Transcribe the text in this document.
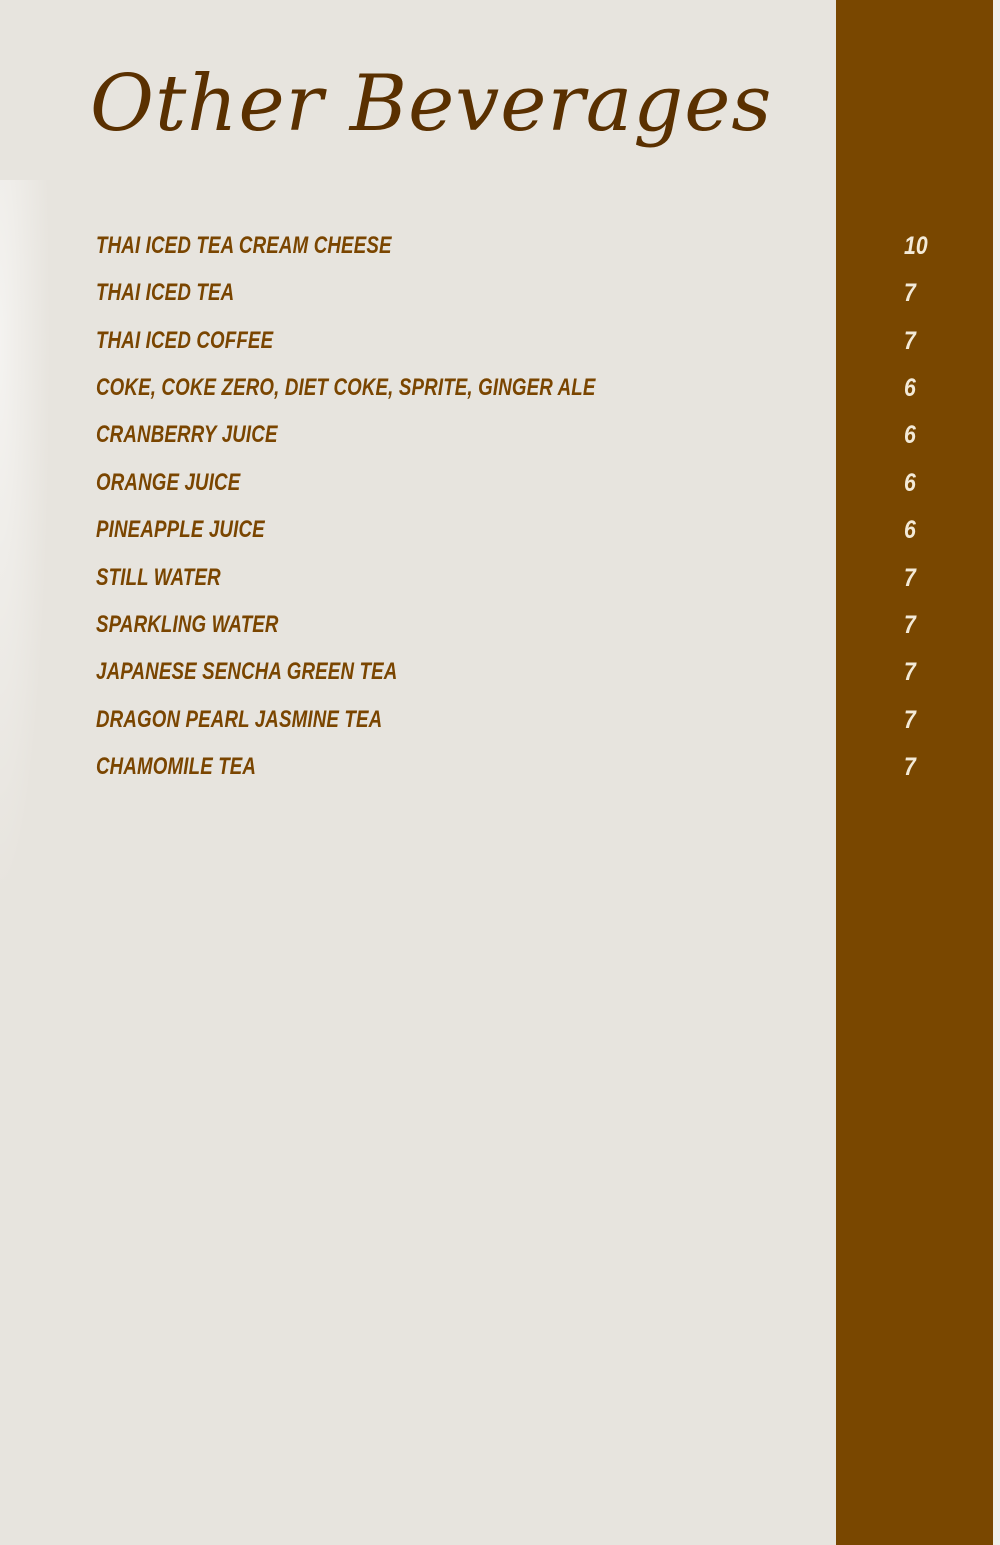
Other Beverages
THAI ICED TEA CREAM CHEESE	10
THAI ICED TEA	7
THAI ICED COFFEE	7
COKE, COKE ZERO, DIET COKE, SPRITE, GINGER ALE	6
CRANBERRY JUICE	6
ORANGE JUICE	6
PINEAPPLE JUICE	6
STILL WATER	7
SPARKLING WATER	7
JAPANESE SENCHA GREEN TEA	7
DRAGON PEARL JASMINE TEA	7
CHAMOMILE TEA	7
